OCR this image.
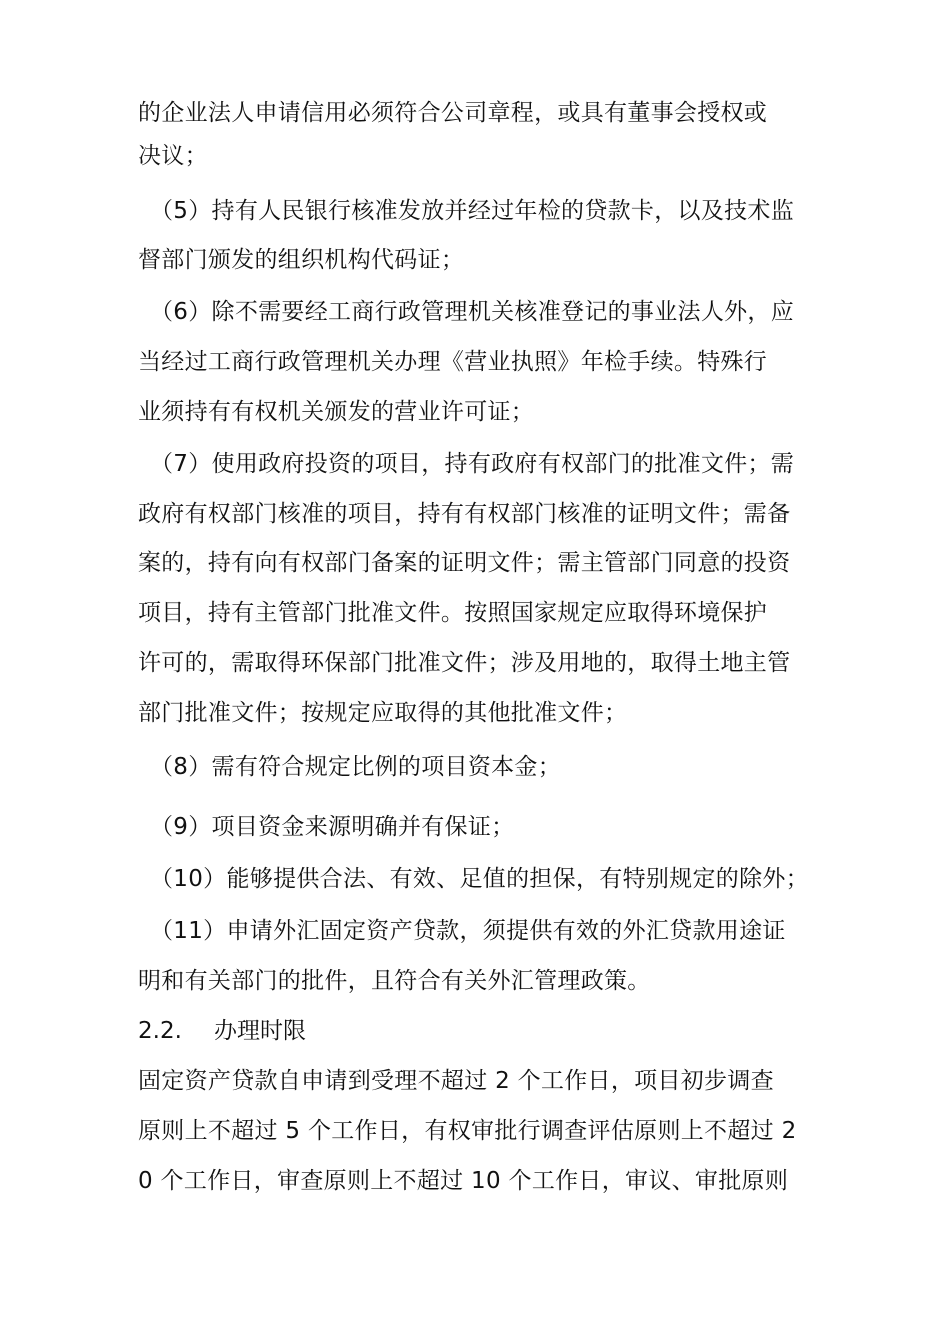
的企业法人申请信用必须符合公司章程，或具有董事会授权或
决议；
（5）持有人民银行核准发放并经过年检的贷款卡，以及技术监
督部门颁发的组织机构代码证；
（6）除不需要经工商行政管理机关核准登记的事业法人外，应
当经过工商行政管理机关办理《营业执照》年检手续。特殊行
业须持有有权机关颁发的营业许可证；
（7）使用政府投资的项目，持有政府有权部门的批准文件；需
政府有权部门核准的项目，持有有权部门核准的证明文件；需备
案的，持有向有权部门备案的证明文件；需主管部门同意的投资
项目，持有主管部门批准文件。按照国家规定应取得环境保护
许可的，需取得环保部门批准文件；涉及用地的，取得土地主管
部门批准文件；按规定应取得的其他批准文件；
（8）需有符合规定比例的项目资本金；
（9）项目资金来源明确并有保证；
（10）能够提供合法、有效、足值的担保，有特别规定的除外；
（11）申请外汇固定资产贷款，须提供有效的外汇贷款用途证
明和有关部门的批件，且符合有关外汇管理政策。
2.2. 办理时限
固定资产贷款自申请到受理不超过 2 个工作日，项目初步调查
原则上不超过 5 个工作日，有权审批行调查评估原则上不超过 2
0 个工作日，审查原则上不超过 10 个工作日，审议、审批原则
